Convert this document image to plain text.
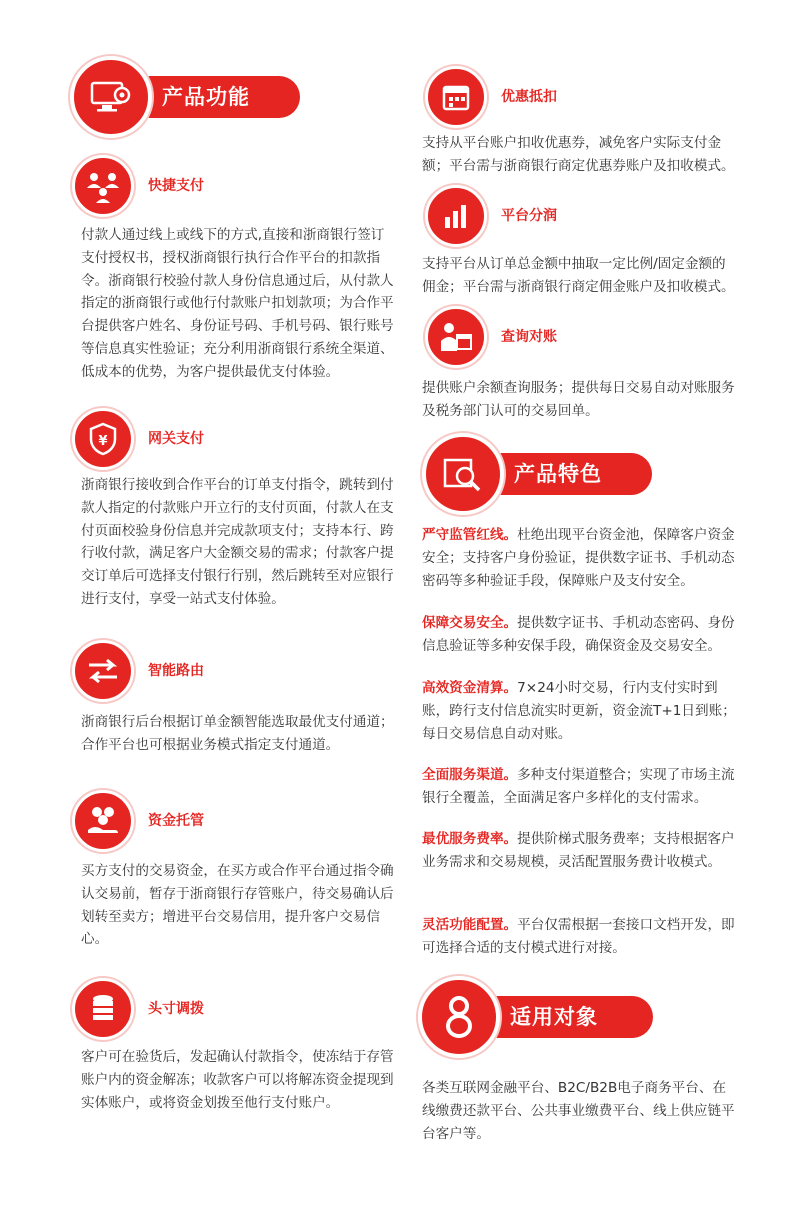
产品功能
快捷支付
付款人通过线上或线下的方式,直接和浙商银行签订支付授权书，授权浙商银行执行合作平台的扣款指令。浙商银行校验付款人身份信息通过后，从付款人指定的浙商银行或他行付款账户扣划款项；为合作平台提供客户姓名、身份证号码、手机号码、银行账号等信息真实性验证；充分利用浙商银行系统全渠道、低成本的优势，为客户提供最优支付体验。
¥	网关支付
浙商银行接收到合作平台的订单支付指令，跳转到付款人指定的付款账户开立行的支付页面，付款人在支付页面校验身份信息并完成款项支付；支持本行、跨行收付款，满足客户大金额交易的需求；付款客户提交订单后可选择支付银行行别，然后跳转至对应银行进行支付，享受一站式支付体验。
智能路由
浙商银行后台根据订单金额智能选取最优支付通道；合作平台也可根据业务模式指定支付通道。
资金托管
买方支付的交易资金，在买方或合作平台通过指令确认交易前，暂存于浙商银行存管账户，待交易确认后划转至卖方；增进平台交易信用，提升客户交易信心。
头寸调拨
客户可在验货后，发起确认付款指令，使冻结于存管账户内的资金解冻；收款客户可以将解冻资金提现到实体账户，或将资金划拨至他行支付账户。
优惠抵扣
支持从平台账户扣收优惠券，减免客户实际支付金额；平台需与浙商银行商定优惠券账户及扣收模式。
平台分润
支持平台从订单总金额中抽取一定比例/固定金额的佣金；平台需与浙商银行商定佣金账户及扣收模式。
查询对账
提供账户余额查询服务；提供每日交易自动对账服务及税务部门认可的交易回单。
产品特色
严守监管红线。杜绝出现平台资金池，保障客户资金安全；支持客户身份验证，提供数字证书、手机动态密码等多种验证手段，保障账户及支付安全。
保障交易安全。提供数字证书、手机动态密码、身份信息验证等多种安保手段，确保资金及交易安全。
高效资金清算。7×24小时交易，行内支付实时到账，跨行支付信息流实时更新，资金流T+1日到账；每日交易信息自动对账。
全面服务渠道。多种支付渠道整合；实现了市场主流银行全覆盖，全面满足客户多样化的支付需求。
最优服务费率。提供阶梯式服务费率；支持根据客户业务需求和交易规模，灵活配置服务费计收模式。
灵活功能配置。平台仅需根据一套接口文档开发，即可选择合适的支付模式进行对接。
适用对象
各类互联网金融平台、B2C/B2B电子商务平台、在线缴费还款平台、公共事业缴费平台、线上供应链平台客户等。
